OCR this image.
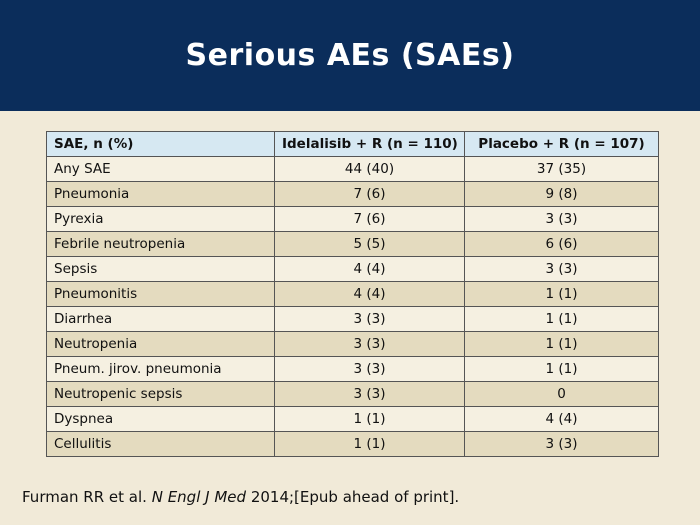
Serious AEs (SAEs)
SAE, n (%)	Idelalisib + R (n = 110)	Placebo + R (n = 107)
Any SAE	44 (40)	37 (35)
Pneumonia	7 (6)	9 (8)
Pyrexia	7 (6)	3 (3)
Febrile neutropenia	5 (5)	6 (6)
Sepsis	4 (4)	3 (3)
Pneumonitis	4 (4)	1 (1)
Diarrhea	3 (3)	1 (1)
Neutropenia	3 (3)	1 (1)
Pneum. jirov. pneumonia	3 (3)	1 (1)
Neutropenic sepsis	3 (3)	0
Dyspnea	1 (1)	4 (4)
Cellulitis	1 (1)	3 (3)
Furman RR et al. N Engl J Med 2014;[Epub ahead of print].
